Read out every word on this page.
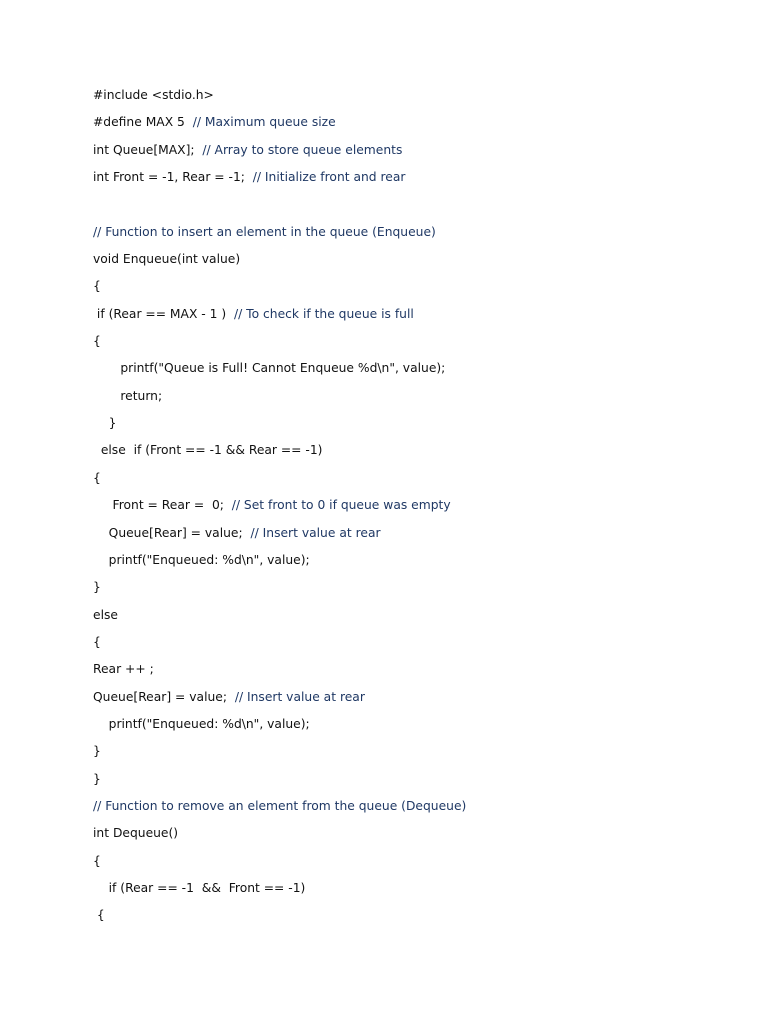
#include <stdio.h>
#define MAX 5  // Maximum queue size
int Queue[MAX];  // Array to store queue elements
int Front = -1, Rear = -1;  // Initialize front and rear
// Function to insert an element in the queue (Enqueue)
void Enqueue(int value)
{
if (Rear == MAX - 1 )  // To check if the queue is full
{
printf("Queue is Full! Cannot Enqueue %d\n", value);
return;
}
else  if (Front == -1 && Rear == -1)
{
Front = Rear =  0;  // Set front to 0 if queue was empty
Queue[Rear] = value;  // Insert value at rear
printf("Enqueued: %d\n", value);
}
else
{
Rear ++ ;
Queue[Rear] = value;  // Insert value at rear
printf("Enqueued: %d\n", value);
}
}
// Function to remove an element from the queue (Dequeue)
int Dequeue()
{
if (Rear == -1  &&  Front == -1)
{
